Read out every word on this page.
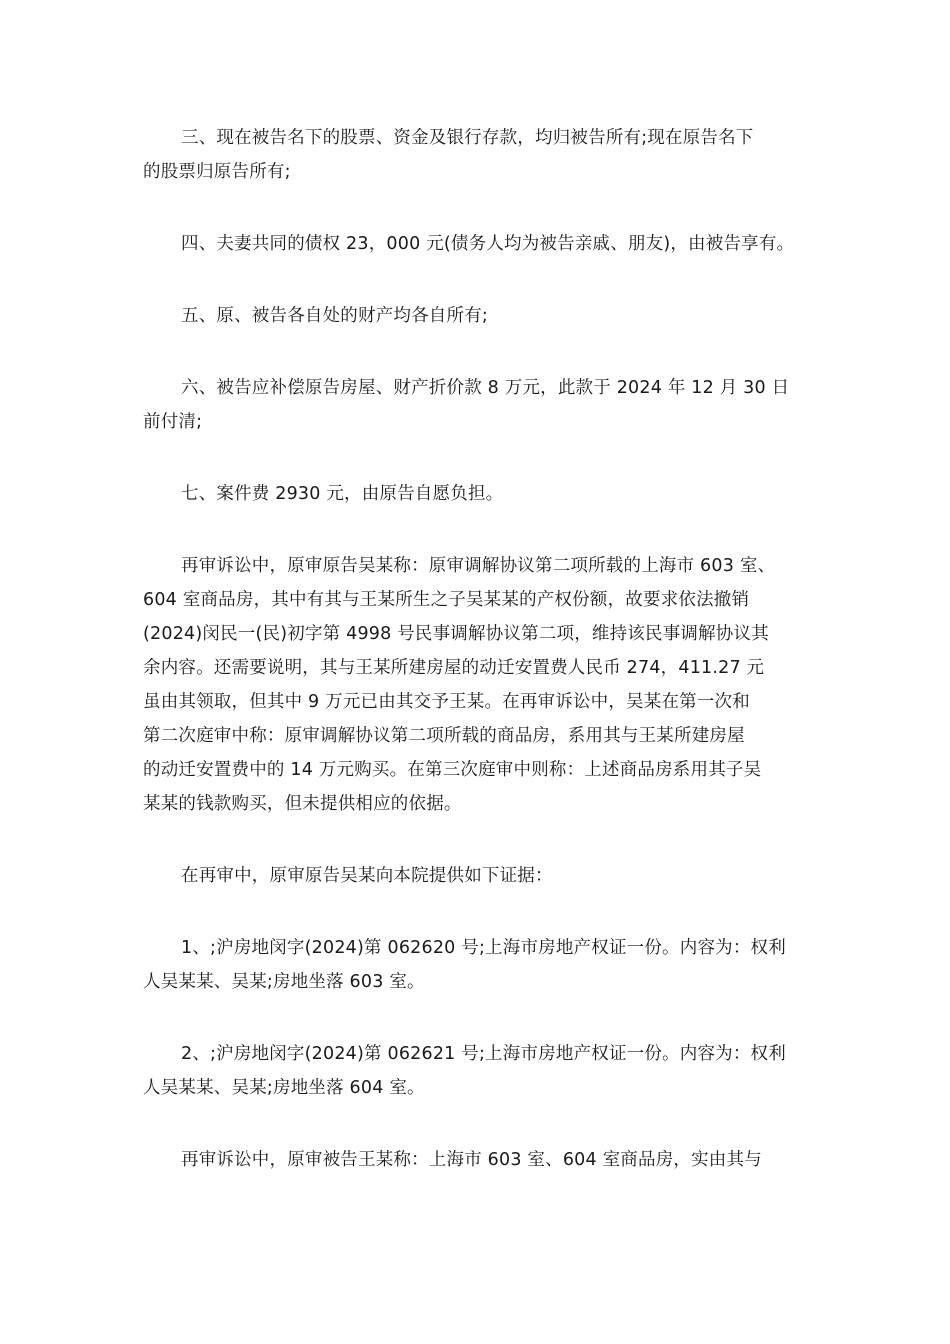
三、现在被告名下的股票、资金及银行存款，均归被告所有;现在原告名下
的股票归原告所有;
四、夫妻共同的债权 23，000 元(债务人均为被告亲戚、朋友)，由被告享有。
五、原、被告各自处的财产均各自所有;
六、被告应补偿原告房屋、财产折价款 8 万元，此款于 2024 年 12 月 30 日
前付清;
七、案件费 2930 元，由原告自愿负担。
再审诉讼中，原审原告吴某称：原审调解协议第二项所载的上海市 603 室、
604 室商品房，其中有其与王某所生之子吴某某的产权份额，故要求依法撤销
(2024)闵民一(民)初字第 4998 号民事调解协议第二项，维持该民事调解协议其
余内容。还需要说明，其与王某所建房屋的动迁安置费人民币 274，411.27 元
虽由其领取，但其中 9 万元已由其交予王某。在再审诉讼中，吴某在第一次和
第二次庭审中称：原审调解协议第二项所载的商品房，系用其与王某所建房屋
的动迁安置费中的 14 万元购买。在第三次庭审中则称：上述商品房系用其子吴
某某的钱款购买，但未提供相应的依据。
在再审中，原审原告吴某向本院提供如下证据：
1、;沪房地闵字(2024)第 062620 号;上海市房地产权证一份。内容为：权利
人吴某某、吴某;房地坐落 603 室。
2、;沪房地闵字(2024)第 062621 号;上海市房地产权证一份。内容为：权利
人吴某某、吴某;房地坐落 604 室。
再审诉讼中，原审被告王某称：上海市 603 室、604 室商品房，实由其与
